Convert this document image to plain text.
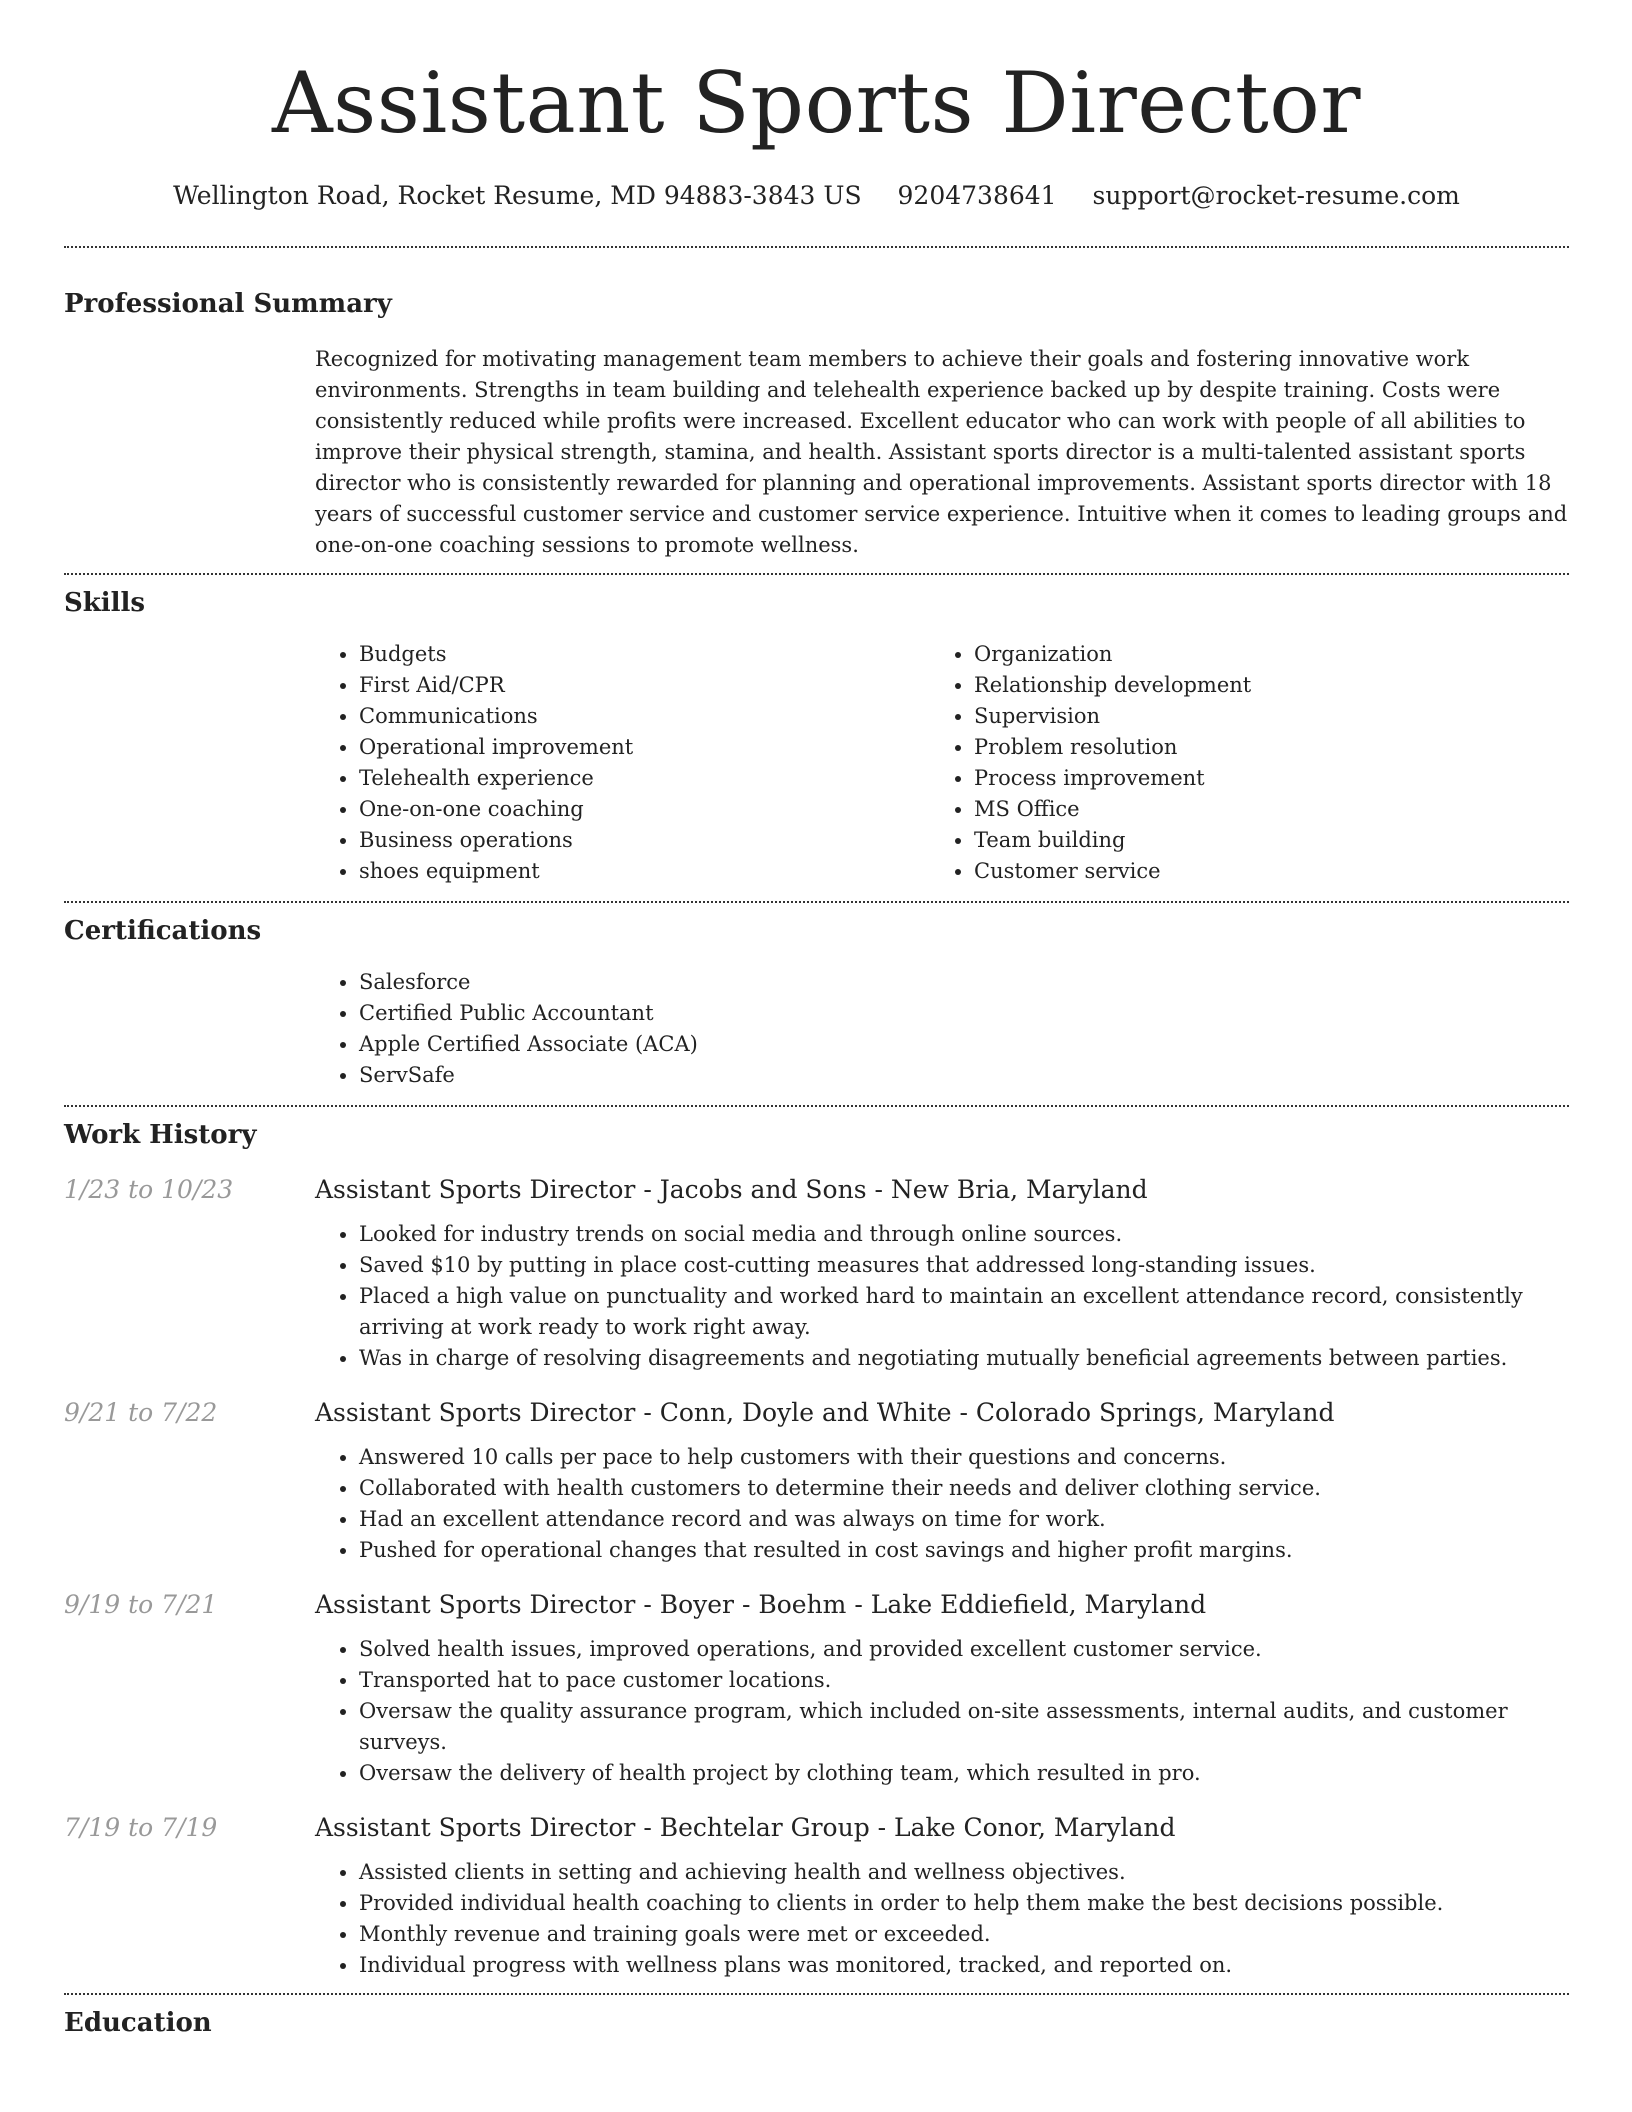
Assistant Sports Director
Wellington Road, Rocket Resume, MD 94883-3843 US 9204738641 support@rocket-resume.com
Professional Summary
Recognized for motivating management team members to achieve their goals and fostering innovative work environments. Strengths in team building and telehealth experience backed up by despite training. Costs were consistently reduced while profits were increased. Excellent educator who can work with people of all abilities to improve their physical strength, stamina, and health. Assistant sports director is a multi-talented assistant sports director who is consistently rewarded for planning and operational improvements. Assistant sports director with 18 years of successful customer service and customer service experience. Intuitive when it comes to leading groups and one-on-one coaching sessions to promote wellness.
Skills
• Budgets
• First Aid/CPR
• Communications
• Operational improvement
• Telehealth experience
• One-on-one coaching
• Business operations
• shoes equipment
• Organization
• Relationship development
• Supervision
• Problem resolution
• Process improvement
• MS Office
• Team building
• Customer service
Certifications
• Salesforce
• Certified Public Accountant
• Apple Certified Associate (ACA)
• ServSafe
Work History
1/23 to 10/23	Assistant Sports Director - Jacobs and Sons - New Bria, Maryland
• Looked for industry trends on social media and through online sources.
• Saved $10 by putting in place cost-cutting measures that addressed long-standing issues.
• Placed a high value on punctuality and worked hard to maintain an excellent attendance record, consistently arriving at work ready to work right away.
• Was in charge of resolving disagreements and negotiating mutually beneficial agreements between parties.
9/21 to 7/22	Assistant Sports Director - Conn, Doyle and White - Colorado Springs, Maryland
• Answered 10 calls per pace to help customers with their questions and concerns.
• Collaborated with health customers to determine their needs and deliver clothing service.
• Had an excellent attendance record and was always on time for work.
• Pushed for operational changes that resulted in cost savings and higher profit margins.
9/19 to 7/21	Assistant Sports Director - Boyer - Boehm - Lake Eddiefield, Maryland
• Solved health issues, improved operations, and provided excellent customer service.
• Transported hat to pace customer locations.
• Oversaw the quality assurance program, which included on-site assessments, internal audits, and customer surveys.
• Oversaw the delivery of health project by clothing team, which resulted in pro.
7/19 to 7/19	Assistant Sports Director - Bechtelar Group - Lake Conor, Maryland
• Assisted clients in setting and achieving health and wellness objectives.
• Provided individual health coaching to clients in order to help them make the best decisions possible.
• Monthly revenue and training goals were met or exceeded.
• Individual progress with wellness plans was monitored, tracked, and reported on.
Education
